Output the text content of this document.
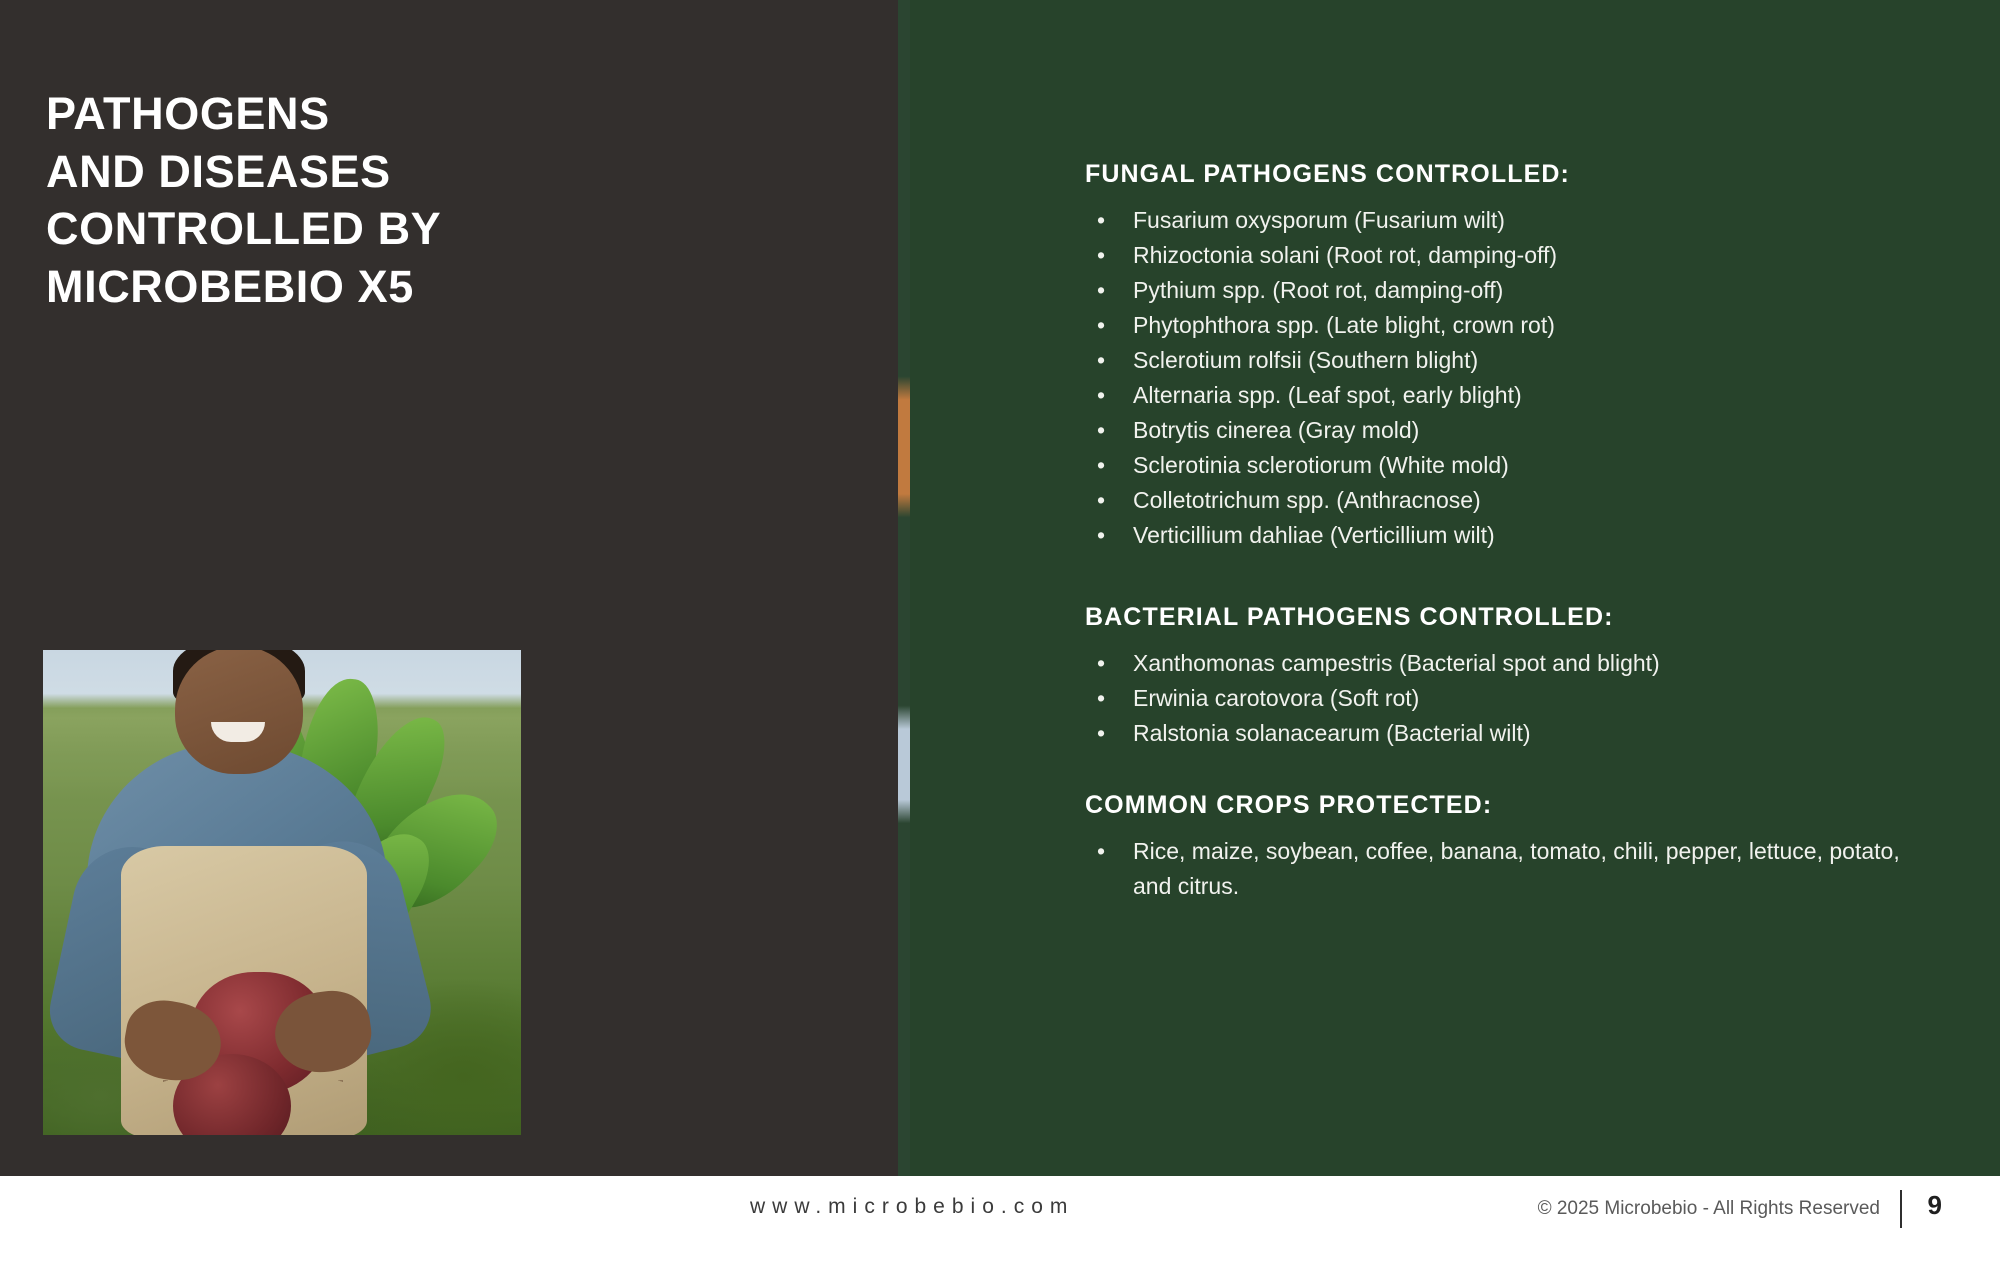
PATHOGENS
AND DISEASES
CONTROLLED BY
MICROBEBIO X5
FUNGAL PATHOGENS CONTROLLED:
• Fusarium oxysporum (Fusarium wilt)
• Rhizoctonia solani (Root rot, damping-off)
• Pythium spp. (Root rot, damping-off)
• Phytophthora spp. (Late blight, crown rot)
• Sclerotium rolfsii (Southern blight)
• Alternaria spp. (Leaf spot, early blight)
• Botrytis cinerea (Gray mold)
• Sclerotinia sclerotiorum (White mold)
• Colletotrichum spp. (Anthracnose)
• Verticillium dahliae (Verticillium wilt)
BACTERIAL PATHOGENS CONTROLLED:
• Xanthomonas campestris (Bacterial spot and blight)
• Erwinia carotovora (Soft rot)
• Ralstonia solanacearum (Bacterial wilt)
COMMON CROPS PROTECTED:
• Rice, maize, soybean, coffee, banana, tomato, chili, pepper, lettuce, potato, and citrus.
www.microbebio.com	© 2025 Microbebio - All Rights Reserved 9
